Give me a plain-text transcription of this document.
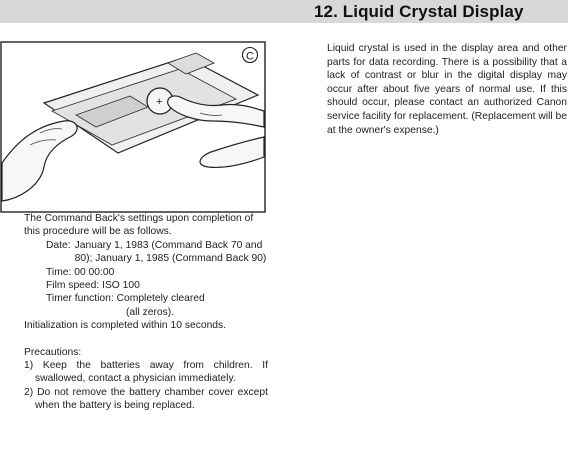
12. Liquid Crystal Display
+
C

Liquid crystal is used in the display area and other parts for data recording. There is a possibility that a lack of contrast or blur in the digital display may occur after about five years of normal use. If this should occur, please contact an authorized Canon service facility for replacement. (Replacement will be at the owner's expense.)

The Command Back's settings upon completion of this procedure will be as follows.

Date: January 1, 1983 (Command Back 70 and 80); January 1, 1985 (Command Back 90)

Time: 00 00:00

Film speed: ISO 100

Timer function: Completely cleared

(all zeros).

Initialization is completed within 10 seconds.

Precautions:

1) Keep the batteries away from children. If swallowed, contact a physician immediately.
2) Do not remove the battery chamber cover except when the battery is being replaced.
